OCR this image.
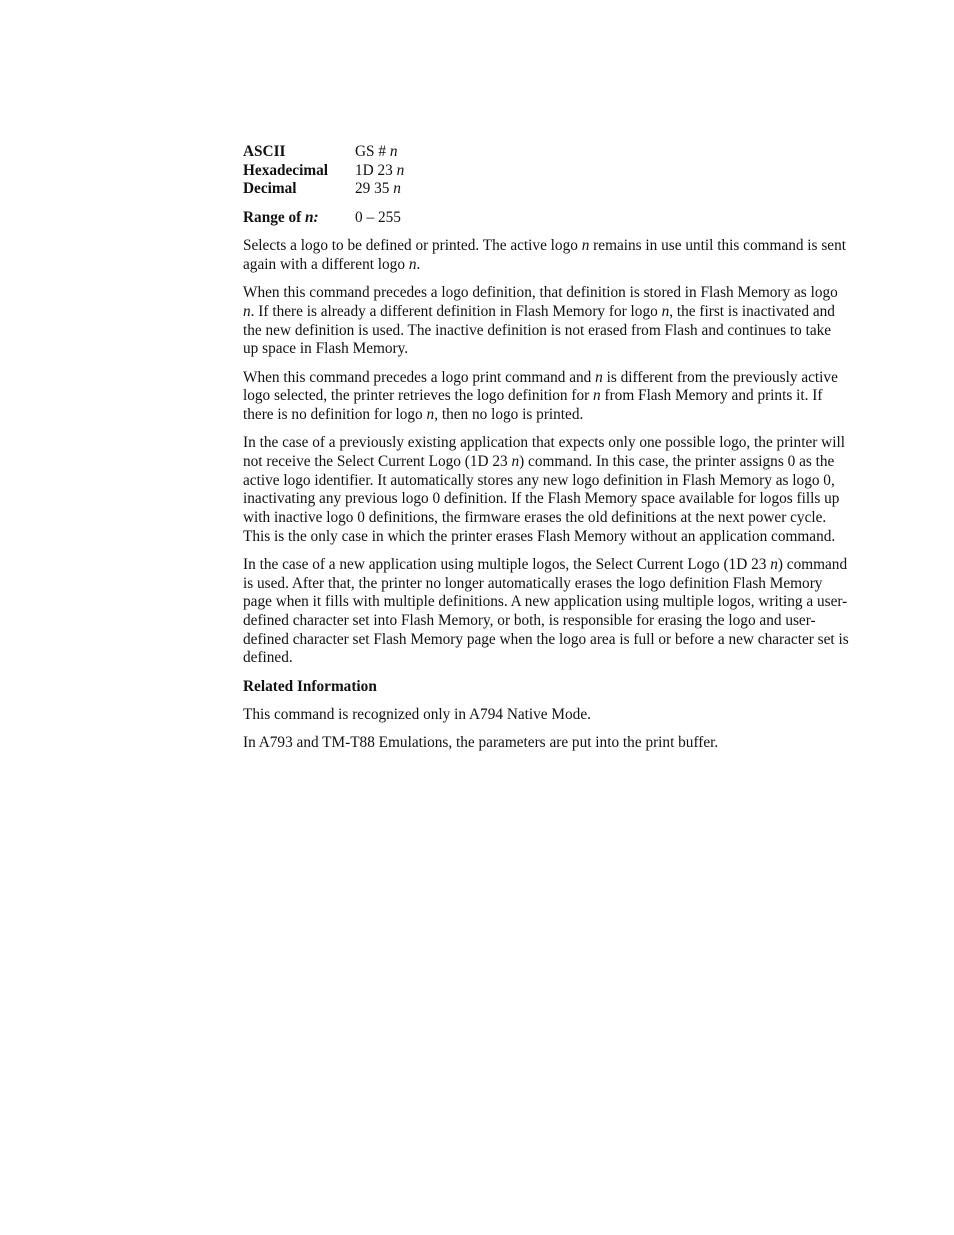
ASCII	GS # n
Hexadecimal	1D 23 n
Decimal	29 35 n
Range of n:	0 – 255

Selects a logo to be defined or printed. The active logo n remains in use until this command is sent again with a different logo n.

When this command precedes a logo definition, that definition is stored in Flash Memory as logo n. If there is already a different definition in Flash Memory for logo n, the first is inactivated and the new definition is used. The inactive definition is not erased from Flash and continues to take up space in Flash Memory.

When this command precedes a logo print command and n is different from the previously active logo selected, the printer retrieves the logo definition for n from Flash Memory and prints it. If there is no definition for logo n, then no logo is printed.

In the case of a previously existing application that expects only one possible logo, the printer will not receive the Select Current Logo (1D 23 n) command. In this case, the printer assigns 0 as the active logo identifier. It automatically stores any new logo definition in Flash Memory as logo 0, inactivating any previous logo 0 definition. If the Flash Memory space available for logos fills up with inactive logo 0 definitions, the firmware erases the old definitions at the next power cycle. This is the only case in which the printer erases Flash Memory without an application command.

In the case of a new application using multiple logos, the Select Current Logo (1D 23 n) command is used. After that, the printer no longer automatically erases the logo definition Flash Memory page when it fills with multiple definitions. A new application using multiple logos, writing a user-defined character set into Flash Memory, or both, is responsible for erasing the logo and user-defined character set Flash Memory page when the logo area is full or before a new character set is defined.

Related Information

This command is recognized only in A794 Native Mode.

In A793 and TM-T88 Emulations, the parameters are put into the print buffer.
